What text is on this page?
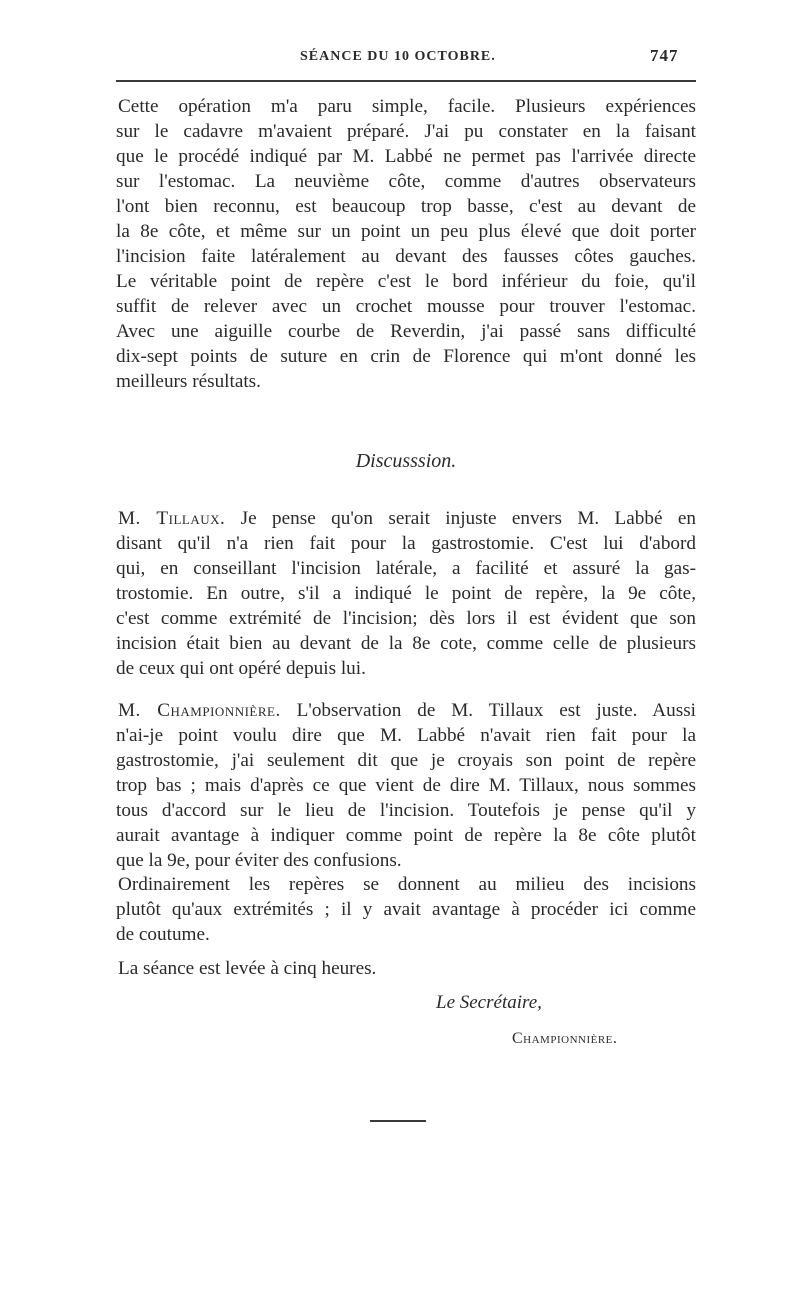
SÉANCE DU 10 OCTOBRE.	747
Cette opération m'a paru simple, facile. Plusieurs expériences
sur le cadavre m'avaient préparé. J'ai pu constater en la faisant
que le procédé indiqué par M. Labbé ne permet pas l'arrivée directe
sur l'estomac. La neuvième côte, comme d'autres observateurs
l'ont bien reconnu, est beaucoup trop basse, c'est au devant de
la 8e côte, et même sur un point un peu plus élevé que doit porter
l'incision faite latéralement au devant des fausses côtes gauches.
Le véritable point de repère c'est le bord inférieur du foie, qu'il
suffit de relever avec un crochet mousse pour trouver l'estomac.
Avec une aiguille courbe de Reverdin, j'ai passé sans difficulté
dix-sept points de suture en crin de Florence qui m'ont donné les
meilleurs résultats.
Discusssion.
M. Tillaux. Je pense qu'on serait injuste envers M. Labbé en
disant qu'il n'a rien fait pour la gastrostomie. C'est lui d'abord
qui, en conseillant l'incision latérale, a facilité et assuré la gas-
trostomie. En outre, s'il a indiqué le point de repère, la 9e côte,
c'est comme extrémité de l'incision; dès lors il est évident que son
incision était bien au devant de la 8e cote, comme celle de plusieurs
de ceux qui ont opéré depuis lui.
M. Championnière. L'observation de M. Tillaux est juste. Aussi
n'ai-je point voulu dire que M. Labbé n'avait rien fait pour la
gastrostomie, j'ai seulement dit que je croyais son point de repère
trop bas ; mais d'après ce que vient de dire M. Tillaux, nous sommes
tous d'accord sur le lieu de l'incision. Toutefois je pense qu'il y
aurait avantage à indiquer comme point de repère la 8e côte plutôt
que la 9e, pour éviter des confusions.
Ordinairement les repères se donnent au milieu des incisions
plutôt qu'aux extrémités ; il y avait avantage à procéder ici comme
de coutume.
La séance est levée à cinq heures.
Le Secrétaire,
Championnière.
